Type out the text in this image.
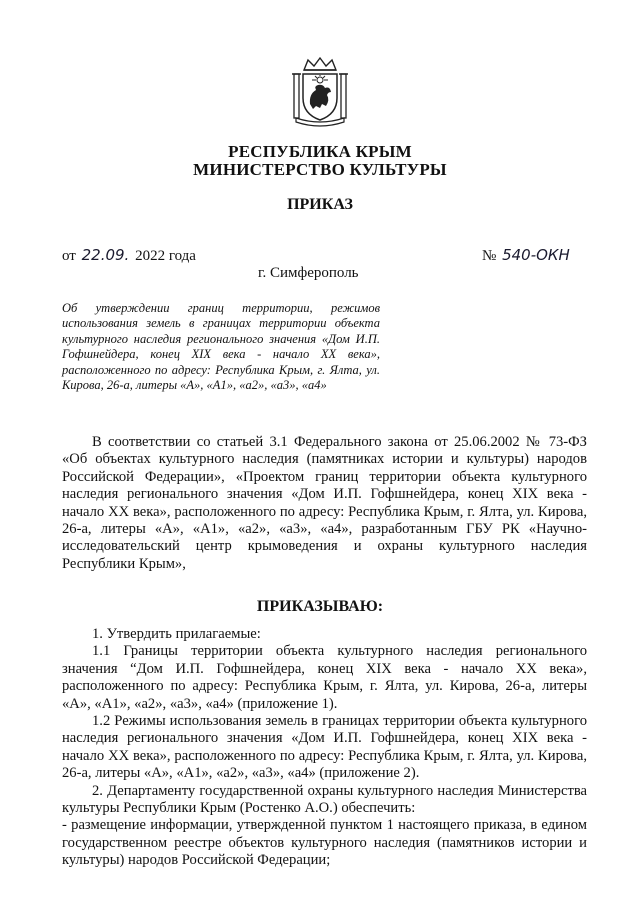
РЕСПУБЛИКА КРЫМ
МИНИСТЕРСТВО КУЛЬТУРЫ
ПРИКАЗ
от 22.09. 2022 года	№ 540-ОКН
г. Симферополь
Об утверждении границ территории, режимов использования земель в границах территории объекта культурного наследия регионального значения «Дом И.П. Гофшнейдера, конец XIX века - начало XX века», расположенного по адресу: Республика Крым, г. Ялта, ул. Кирова, 26-а, литеры «А», «А1», «а2», «а3», «а4»

В соответствии со статьей 3.1 Федерального закона от 25.06.2002 № 73-ФЗ «Об объектах культурного наследия (памятниках истории и культуры) народов Российской Федерации», «Проектом границ территории объекта культурного наследия регионального значения «Дом И.П. Гофшнейдера, конец XIX века - начало XX века», расположенного по адресу: Республика Крым, г. Ялта, ул. Кирова, 26-а, литеры «А», «А1», «а2», «а3», «а4», разработанным ГБУ РК «Научно-исследовательский центр крымоведения и охраны культурного наследия Республики Крым»,

ПРИКАЗЫВАЮ:

1. Утвердить прилагаемые:

1.1 Границы территории объекта культурного наследия регионального значения “Дом И.П. Гофшнейдера, конец XIX века - начало XX века», расположенного по адресу: Республика Крым, г. Ялта, ул. Кирова, 26-а, литеры «А», «А1», «а2», «а3», «а4» (приложение 1).

1.2 Режимы использования земель в границах территории объекта культурного наследия регионального значения «Дом И.П. Гофшнейдера, конец XIX века - начало XX века», расположенного по адресу: Республика Крым, г. Ялта, ул. Кирова, 26-а, литеры «А», «А1», «а2», «а3», «а4» (приложение 2).

2. Департаменту государственной охраны культурного наследия Министерства культуры Республики Крым (Ростенко А.О.) обеспечить:

- размещение информации, утвержденной пунктом 1 настоящего приказа, в едином государственном реестре объектов культурного наследия (памятников истории и культуры) народов Российской Федерации;
